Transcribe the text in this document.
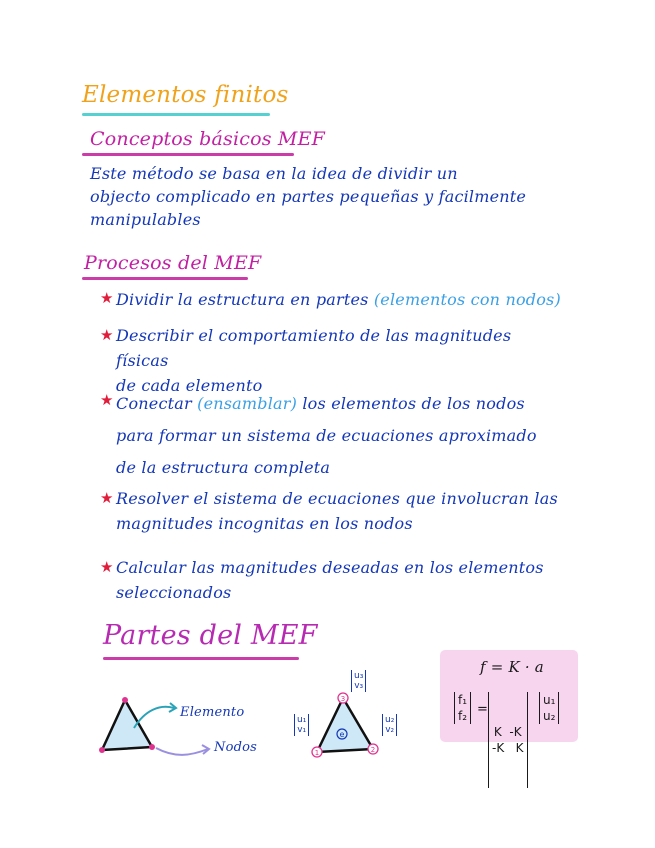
Elementos finitos
Conceptos básicos MEF
Este método se basa en la idea de dividir un
objecto complicado en partes pequeñas y facilmente
manipulables
Procesos del MEF
★ Dividir la estructura en partes (elementos con nodos)
★ Describir el comportamiento de las magnitudes físicas
de cada elemento
★ Conectar (ensamblar) los elementos de los nodos
para formar un sistema de ecuaciones aproximado
de la estructura completa
★ Resolver el sistema de ecuaciones que involucran las
magnitudes incognitas en los nodos
★ Calcular las magnitudes deseadas en los elementos
seleccionados
Partes del MEF
Elemento
Nodos	1	2
3
e
u₃
v₃
u₁
v₁
u₂
v₂
f = K · a
f₁
f₂ =

K  -K
-K   K

u₁
u₂
